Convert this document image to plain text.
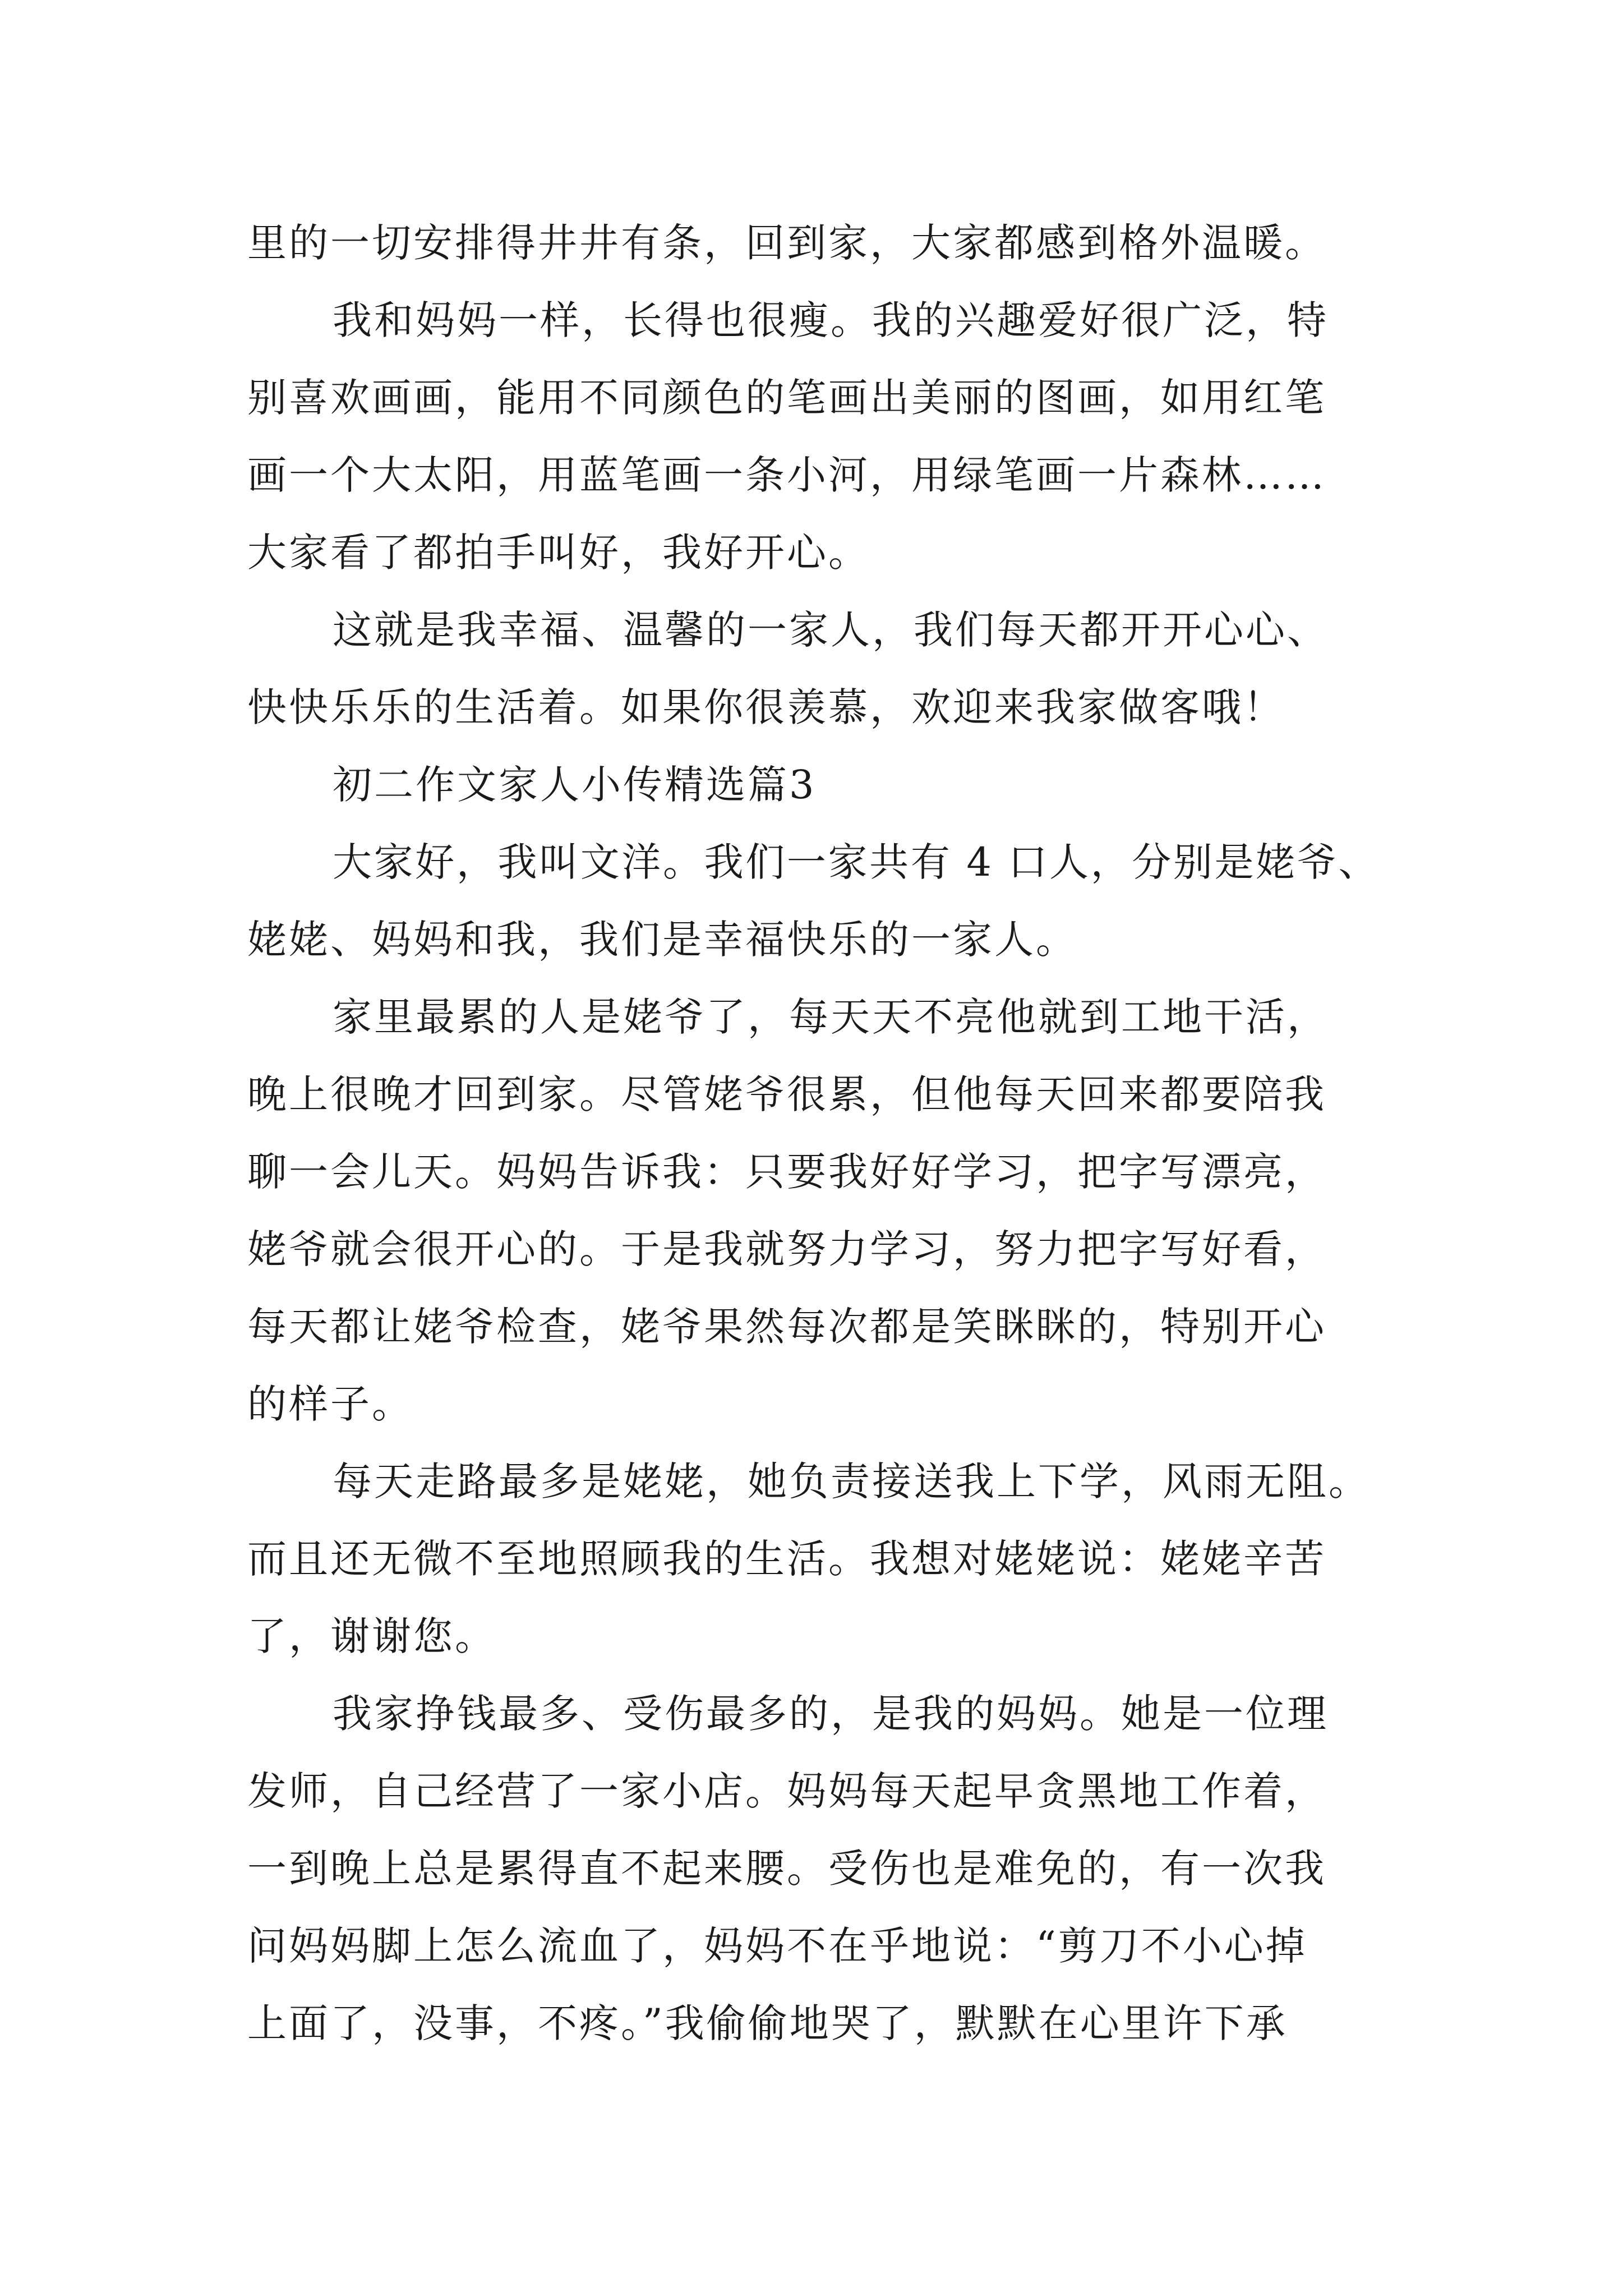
里的一切安排得井井有条，回到家，大家都感到格外温暖。
我和妈妈一样，长得也很瘦。我的兴趣爱好很广泛，特
别喜欢画画，能用不同颜色的笔画出美丽的图画，如用红笔
画一个大太阳，用蓝笔画一条小河，用绿笔画一片森林……
大家看了都拍手叫好，我好开心。
这就是我幸福、温馨的一家人，我们每天都开开心心、
快快乐乐的生活着。如果你很羡慕，欢迎来我家做客哦！
初二作文家人小传精选篇3
大家好，我叫文洋。我们一家共有 4 口人，分别是姥爷、
姥姥、妈妈和我，我们是幸福快乐的一家人。
家里最累的人是姥爷了，每天天不亮他就到工地干活，
晚上很晚才回到家。尽管姥爷很累，但他每天回来都要陪我
聊一会儿天。妈妈告诉我：只要我好好学习，把字写漂亮，
姥爷就会很开心的。于是我就努力学习，努力把字写好看，
每天都让姥爷检查，姥爷果然每次都是笑眯眯的，特别开心
的样子。
每天走路最多是姥姥，她负责接送我上下学，风雨无阻。
而且还无微不至地照顾我的生活。我想对姥姥说：姥姥辛苦
了，谢谢您。
我家挣钱最多、受伤最多的，是我的妈妈。她是一位理
发师，自己经营了一家小店。妈妈每天起早贪黑地工作着，
一到晚上总是累得直不起来腰。受伤也是难免的，有一次我
问妈妈脚上怎么流血了，妈妈不在乎地说：“剪刀不小心掉
上面了，没事，不疼。”我偷偷地哭了，默默在心里许下承
